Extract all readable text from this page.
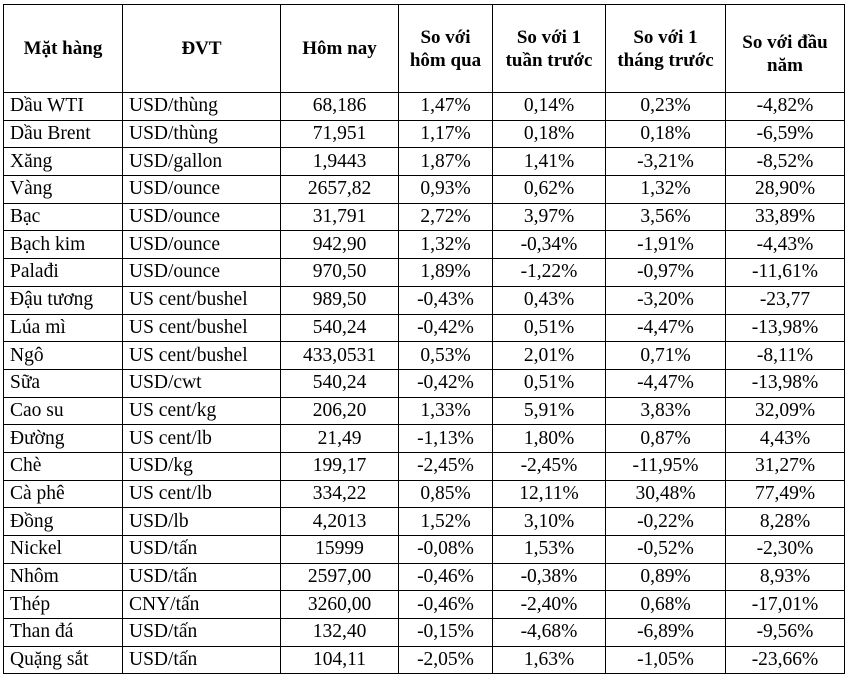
Mặt hàng	ĐVT	Hôm nay	So với hôm qua	So với 1 tuần trước	So với 1 tháng trước	So với đầu năm
Dầu WTI	USD/thùng	68,186	1,47%	0,14%	0,23%	-4,82%
Dầu Brent	USD/thùng	71,951	1,17%	0,18%	0,18%	-6,59%
Xăng	USD/gallon	1,9443	1,87%	1,41%	-3,21%	-8,52%
Vàng	USD/ounce	2657,82	0,93%	0,62%	1,32%	28,90%
Bạc	USD/ounce	31,791	2,72%	3,97%	3,56%	33,89%
Bạch kim	USD/ounce	942,90	1,32%	-0,34%	-1,91%	-4,43%
Palađi	USD/ounce	970,50	1,89%	-1,22%	-0,97%	-11,61%
Đậu tương	US cent/bushel	989,50	-0,43%	0,43%	-3,20%	-23,77
Lúa mì	US cent/bushel	540,24	-0,42%	0,51%	-4,47%	-13,98%
Ngô	US cent/bushel	433,0531	0,53%	2,01%	0,71%	-8,11%
Sữa	USD/cwt	540,24	-0,42%	0,51%	-4,47%	-13,98%
Cao su	US cent/kg	206,20	1,33%	5,91%	3,83%	32,09%
Đường	US cent/lb	21,49	-1,13%	1,80%	0,87%	4,43%
Chè	USD/kg	199,17	-2,45%	-2,45%	-11,95%	31,27%
Cà phê	US cent/lb	334,22	0,85%	12,11%	30,48%	77,49%
Đồng	USD/lb	4,2013	1,52%	3,10%	-0,22%	8,28%
Nickel	USD/tấn	15999	-0,08%	1,53%	-0,52%	-2,30%
Nhôm	USD/tấn	2597,00	-0,46%	-0,38%	0,89%	8,93%
Thép	CNY/tấn	3260,00	-0,46%	-2,40%	0,68%	-17,01%
Than đá	USD/tấn	132,40	-0,15%	-4,68%	-6,89%	-9,56%
Quặng sắt	USD/tấn	104,11	-2,05%	1,63%	-1,05%	-23,66%
